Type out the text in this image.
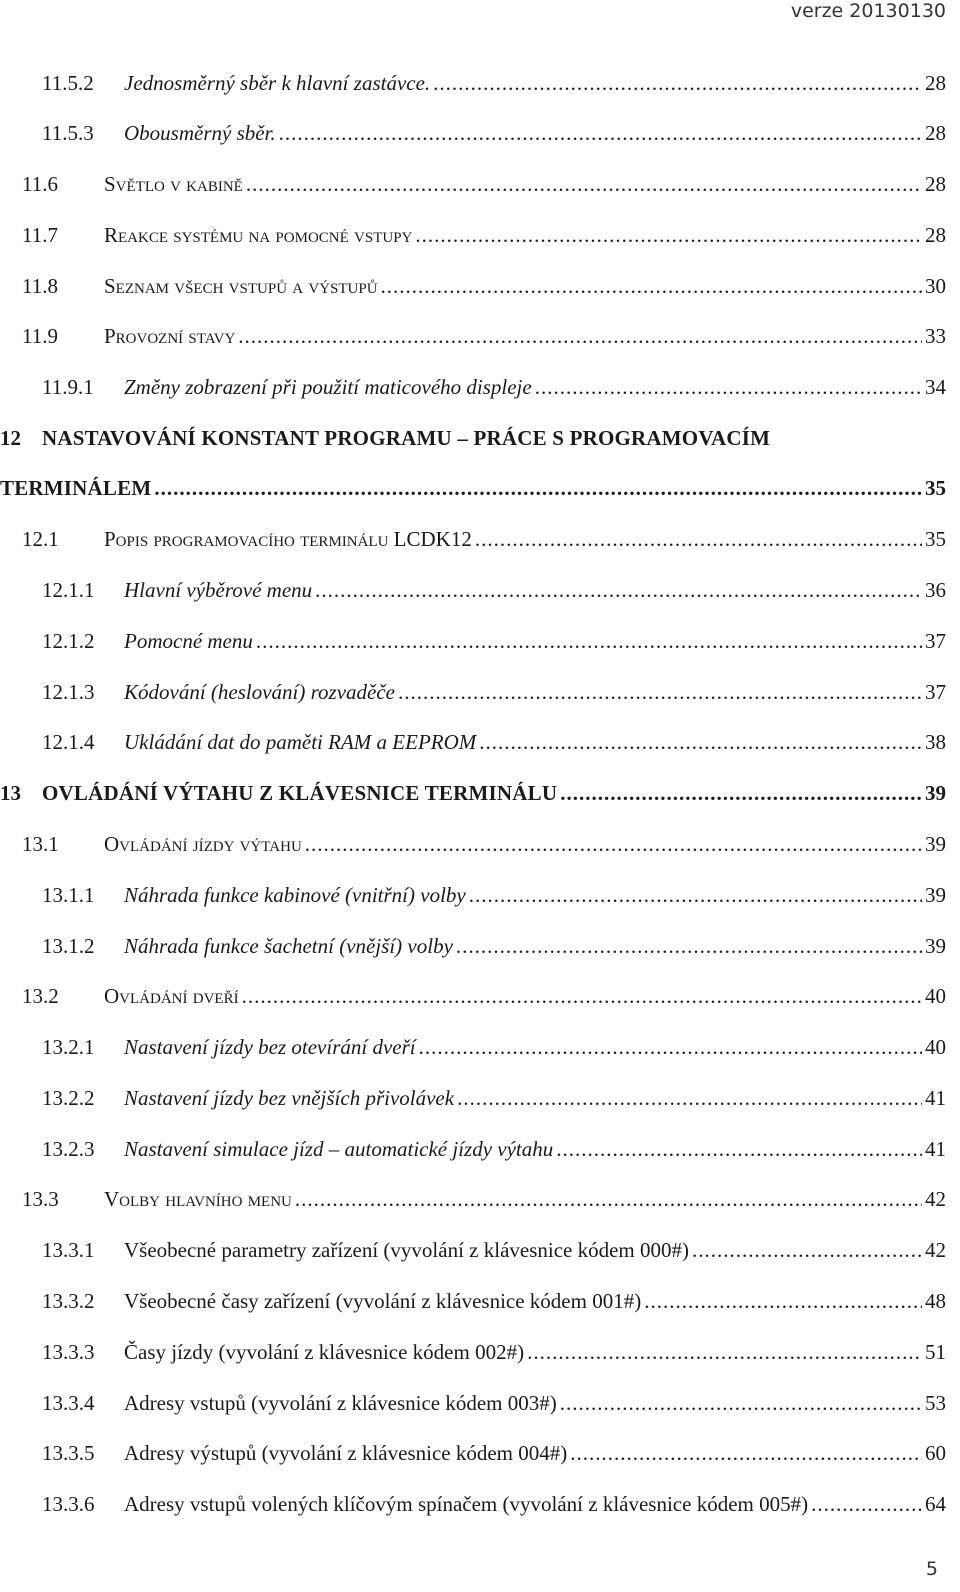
verze 20130130
11.5.2 Jednosměrný sběr k hlavní zastávce. .....	28
11.5.3 Obousměrný sběr. .....	28
11.6 Světlo v kabině .....	28
11.7 Reakce systému na pomocné vstupy .....	28
11.8 Seznam všech vstupů a výstupů .....	30
11.9 Provozní stavy .....	33
11.9.1 Změny zobrazení při použití maticového displeje .....	34
12 NASTAVOVÁNÍ KONSTANT PROGRAMU – PRÁCE S PROGRAMOVACÍM
TERMINÁLEM .....	35
12.1 Popis programovacího terminálu LCDK12 .....	35
12.1.1 Hlavní výběrové menu .....	36
12.1.2 Pomocné menu .....	37
12.1.3 Kódování (heslování) rozvaděče .....	37
12.1.4 Ukládání dat do paměti RAM a EEPROM .....	38
13 OVLÁDÁNÍ VÝTAHU Z KLÁVESNICE TERMINÁLU .....	39
13.1 Ovládání jízdy výtahu .....	39
13.1.1 Náhrada funkce kabinové (vnitřní) volby .....	39
13.1.2 Náhrada funkce šachetní (vnější) volby .....	39
13.2 Ovládání dveří .....	40
13.2.1 Nastavení jízdy bez otevírání dveří .....	40
13.2.2 Nastavení jízdy bez vnějších přivolávek .....	41
13.2.3 Nastavení simulace jízd – automatické jízdy výtahu .....	41
13.3 Volby hlavního menu .....	42
13.3.1 Všeobecné parametry zařízení (vyvolání z klávesnice kódem 000#) .....	42
13.3.2 Všeobecné časy zařízení (vyvolání z klávesnice kódem 001#) .....	48
13.3.3 Časy jízdy (vyvolání z klávesnice kódem 002#) .....	51
13.3.4 Adresy vstupů (vyvolání z klávesnice kódem 003#) .....	53
13.3.5 Adresy výstupů (vyvolání z klávesnice kódem 004#) .....	60
13.3.6 Adresy vstupů volených klíčovým spínačem (vyvolání z klávesnice kódem 005#) .....	64
5
